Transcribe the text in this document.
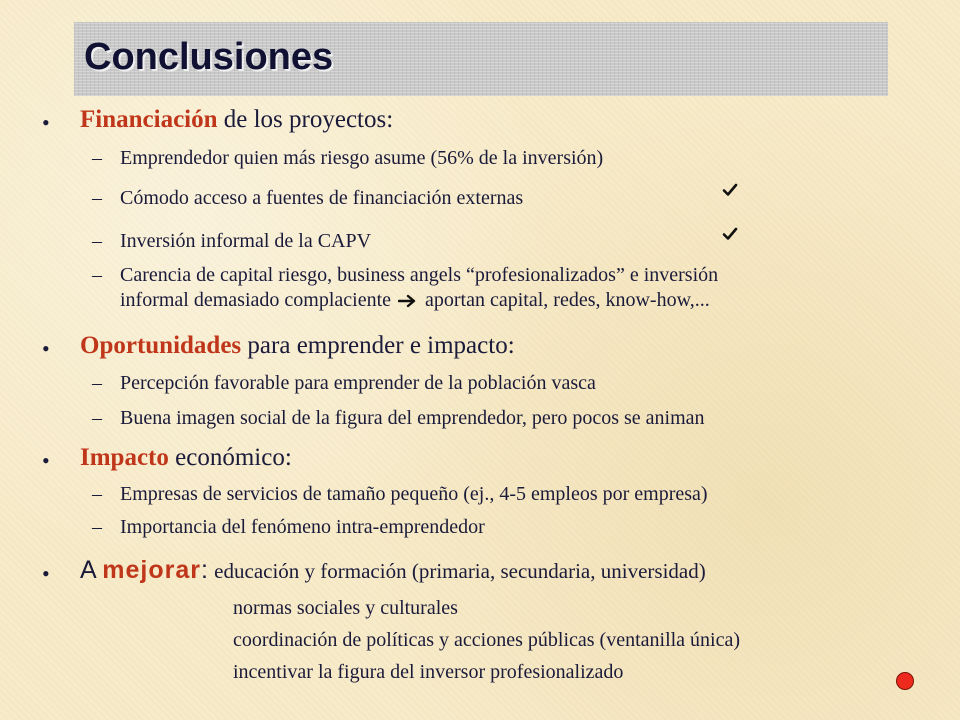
Conclusiones
• Financiación de los proyectos:
– Emprendedor quien más riesgo asume (56% de la inversión)
– Cómodo acceso a fuentes de financiación externas
– Inversión informal de la CAPV
– Carencia de capital riesgo, business angels “profesionalizados” e inversión
informal demasiado complaciente aportan capital, redes, know-how,...
• Oportunidades para emprender e impacto:
– Percepción favorable para emprender de la población vasca
– Buena imagen social de la figura del emprendedor, pero pocos se animan
• Impacto económico:
– Empresas de servicios de tamaño pequeño (ej., 4-5 empleos por empresa)
– Importancia del fenómeno intra-emprendedor
• A mejorar: educación y formación (primaria, secundaria, universidad)
normas sociales y culturales
coordinación de políticas y acciones públicas (ventanilla única)
incentivar la figura del inversor profesionalizado
